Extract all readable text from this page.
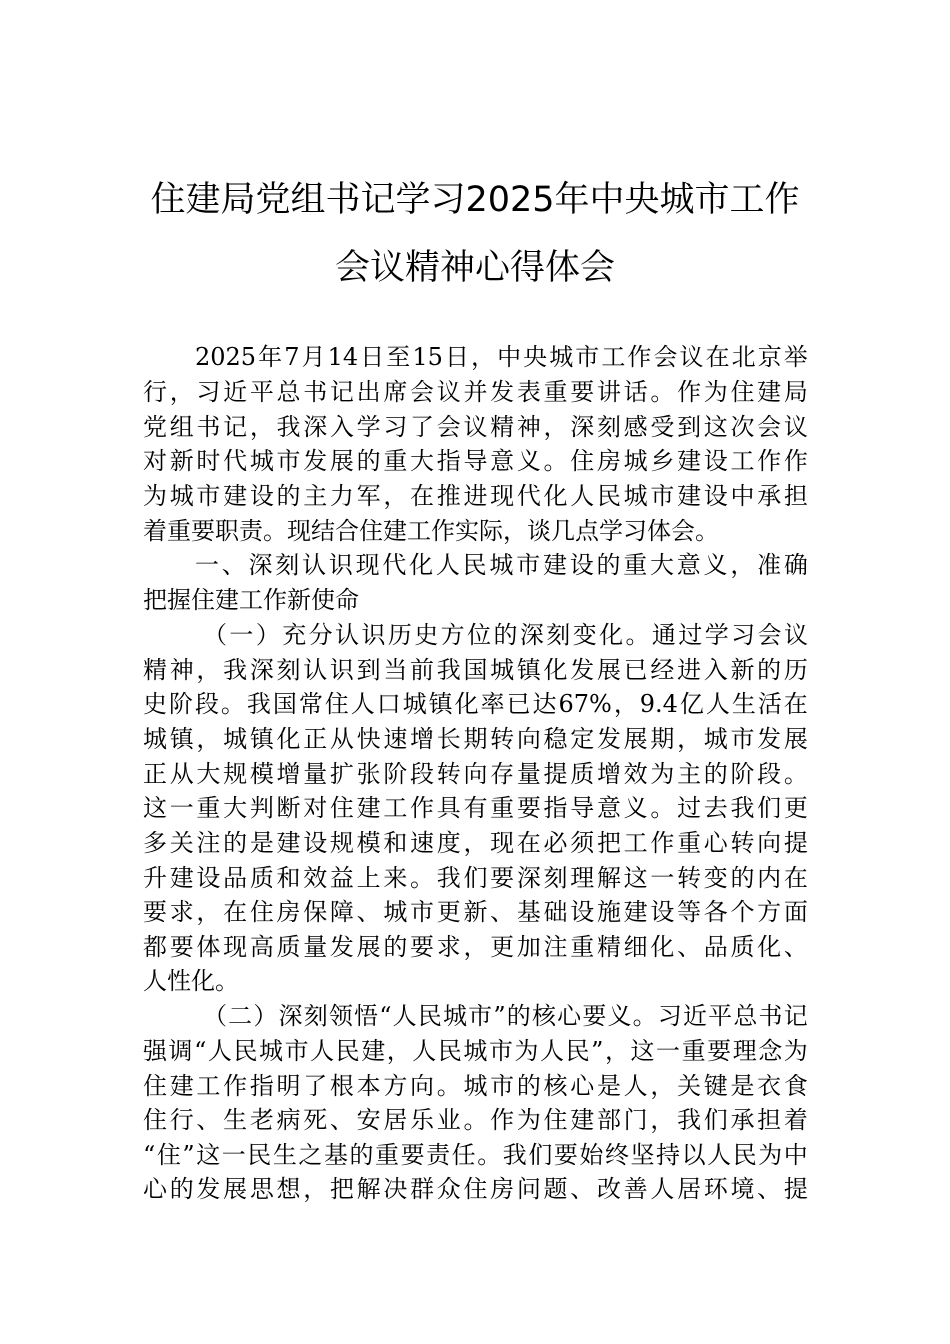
住建局党组书记学习2025年中央城市工作
会议精神心得体会
2025 年 7 月 14 日 至 15 日 ， 中 央 城 市 工 作 会 议 在 北 京 举
行 ， 习 近 平 总 书 记 出 席 会 议 并 发 表 重 要 讲 话 。 作 为 住 建 局
党 组 书 记 ， 我 深 入 学 习 了 会 议 精 神 ， 深 刻 感 受 到 这 次 会 议
对 新 时 代 城 市 发 展 的 重 大 指 导 意 义 。 住 房 城 乡 建 设 工 作 作
为 城 市 建 设 的 主 力 军 ， 在 推 进 现 代 化 人 民 城 市 建 设 中 承 担
着重要职责。现结合住建工作实际，谈几点学习体会。
一 、 深 刻 认 识 现 代 化 人 民 城 市 建 设 的 重 大 意 义 ， 准 确
把握住建工作新使命
（ 一 ） 充 分 认 识 历 史 方 位 的 深 刻 变 化 。 通 过 学 习 会 议
精 神 ， 我 深 刻 认 识 到 当 前 我 国 城 镇 化 发 展 已 经 进 入 新 的 历
史 阶 段 。 我 国 常 住 人 口 城 镇 化 率 已 达 67% ， 9.4 亿 人 生 活 在
城 镇 ， 城 镇 化 正 从 快 速 增 长 期 转 向 稳 定 发 展 期 ， 城 市 发 展
正 从 大 规 模 增 量 扩 张 阶 段 转 向 存 量 提 质 增 效 为 主 的 阶 段 。
这 一 重 大 判 断 对 住 建 工 作 具 有 重 要 指 导 意 义 。 过 去 我 们 更
多 关 注 的 是 建 设 规 模 和 速 度 ， 现 在 必 须 把 工 作 重 心 转 向 提
升 建 设 品 质 和 效 益 上 来 。 我 们 要 深 刻 理 解 这 一 转 变 的 内 在
要 求 ， 在 住 房 保 障 、 城 市 更 新 、 基 础 设 施 建 设 等 各 个 方 面
都 要 体 现 高 质 量 发 展 的 要 求 ， 更 加 注 重 精 细 化 、 品 质 化 、
人性化。
（ 二 ） 深 刻 领 悟 “ 人 民 城 市 ” 的 核 心 要 义 。 习 近 平 总 书 记
强 调 “ 人 民 城 市 人 民 建 ， 人 民 城 市 为 人 民 ” ， 这 一 重 要 理 念 为
住 建 工 作 指 明 了 根 本 方 向 。 城 市 的 核 心 是 人 ， 关 键 是 衣 食
住 行 、 生 老 病 死 、 安 居 乐 业 。 作 为 住 建 部 门 ， 我 们 承 担 着
“ 住 ” 这 一 民 生 之 基 的 重 要 责 任 。 我 们 要 始 终 坚 持 以 人 民 为 中
心 的 发 展 思 想 ， 把 解 决 群 众 住 房 问 题 、 改 善 人 居 环 境 、 提
